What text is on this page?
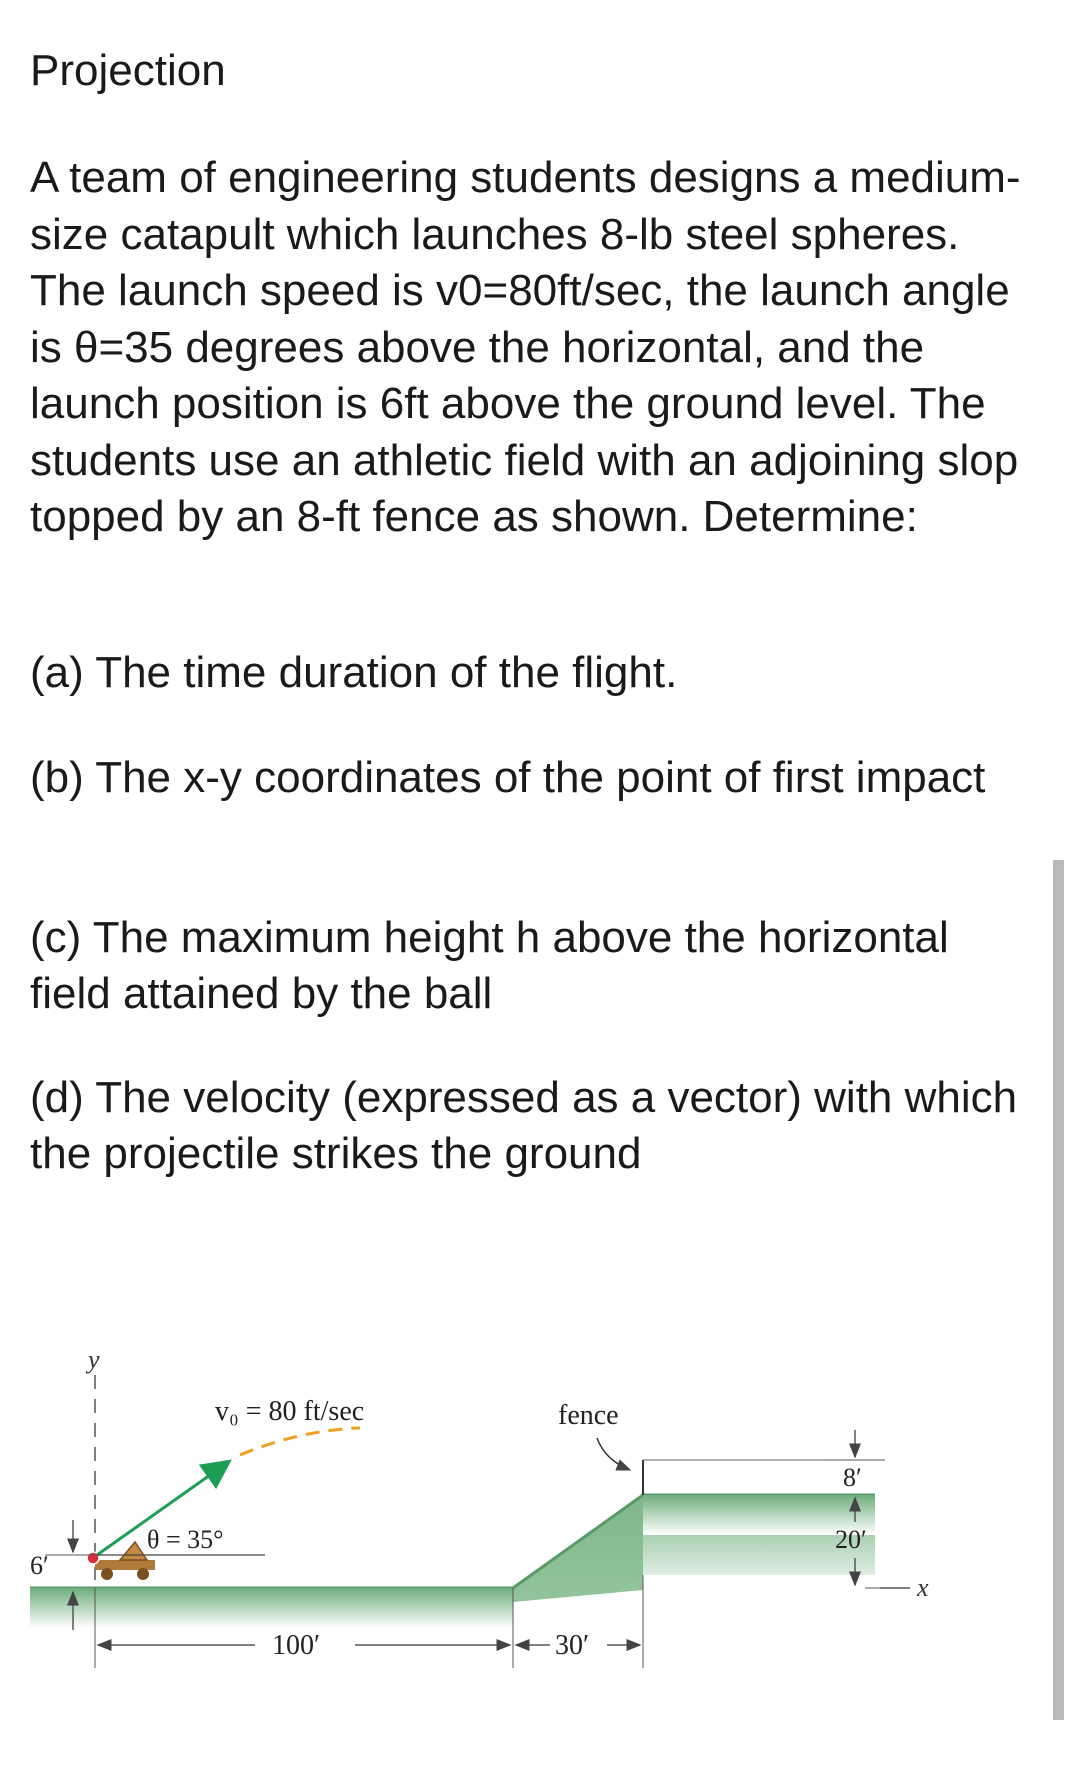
Projection

A team of engineering students designs a medium-size catapult which launches 8-lb steel spheres. The launch speed is v0=80ft/sec, the launch angle is θ=35 degrees above the horizontal, and the launch position is 6ft above the ground level. The students use an athletic field with an adjoining slop topped by an 8-ft fence as shown. Determine:

(a) The time duration of the flight.

(b) The x-y coordinates of the point of first impact

(c) The maximum height h above the horizontal field attained by the ball

(d) The velocity (expressed as a vector) with which the projectile strikes the ground

y
x
v₀ = 80 ft/sec
θ = 35°
fence
6′
100′	30′
8′
20′
